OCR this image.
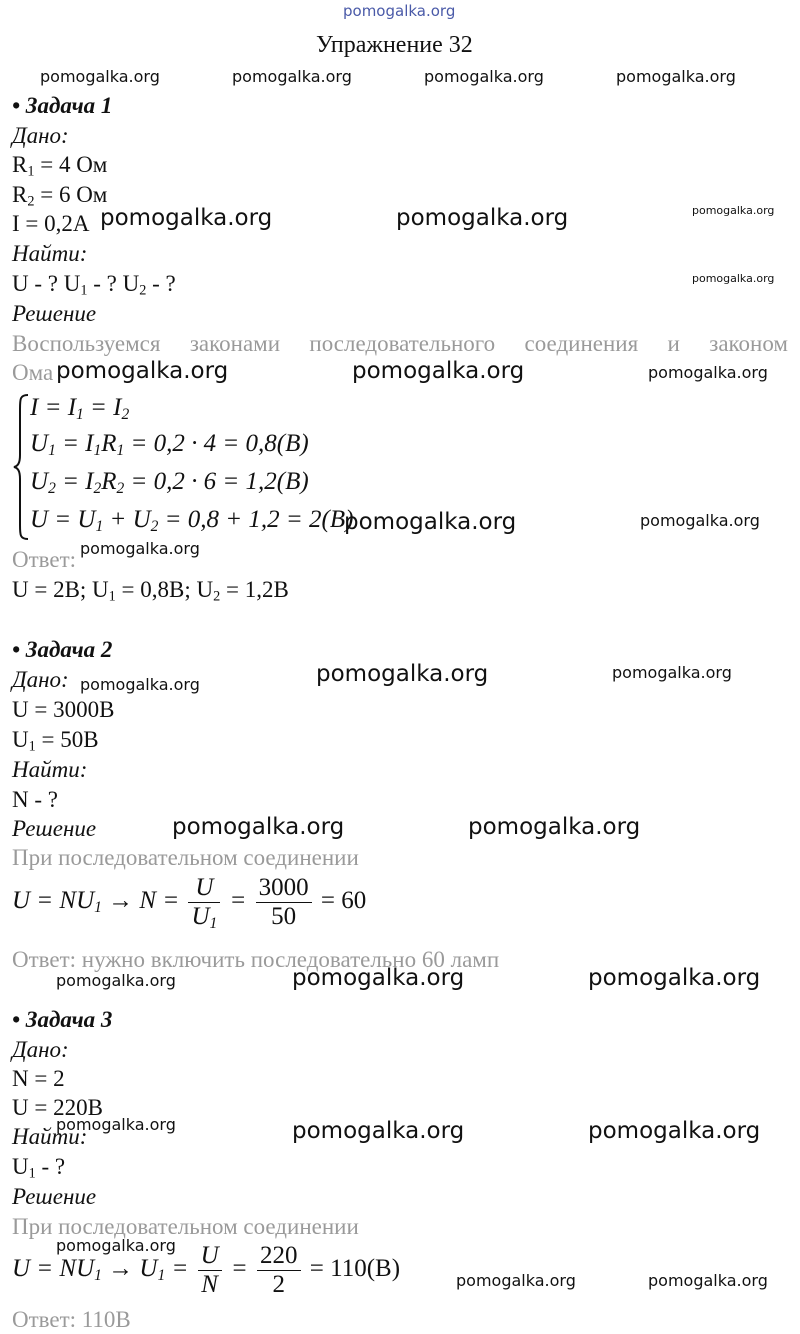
pomogalka.org
Упражнение 32
pomogalka.org	pomogalka.org	pomogalka.org	pomogalka.org
• Задача 1
Дано:
$R_1 = 4$ Ом
$R_2 = 6$ Ом
I = 0,2А pomogalka.org	pomogalka.org	pomogalka.org
Найти:
U - ? $U_1$ - ? $U_2$ - ?	pomogalka.org
Решение
Воспользуемся законами последовательного соединения и законом
Ома pomogalka.org	pomogalka.org	pomogalka.org
$I = I_1 = I_2$
$U_1 = I_1R_1 = 0,2 \cdot 4 = 0,8(B)$
$U_2 = I_2R_2 = 0,2 \cdot 6 = 1,2(B)$
$U = U_1 + U_2 = 0,8 + 1,2 = 2(B)$
pomogalka.org	pomogalka.org
Ответ: pomogalka.org
U = 2В; $U_1 = 0,8В$; $U_2 = 1,2В$
• Задача 2
Дано: pomogalka.org	pomogalka.org	pomogalka.org
U = 3000В
$U_1 = 50В$
Найти:
N - ?
Решение	pomogalka.org	pomogalka.org
При последовательном соединении
$U = NU_1 \to N = \frac{U}{U_1} = \frac{3000}{50} = 60$
Ответ: нужно включить последовательно 60 ламп
pomogalka.org	pomogalka.org	pomogalka.org
• Задача 3
Дано:
N = 2
U = 220В
Найти:
pomogalka.org	pomogalka.org	pomogalka.org
$U_1$ - ?
Решение
При последовательном соединении
pomogalka.org
$U = NU_1 \to U_1 = \frac{U}{N} = \frac{220}{2} = 110(B)$	pomogalka.org	pomogalka.org
Ответ: 110В
